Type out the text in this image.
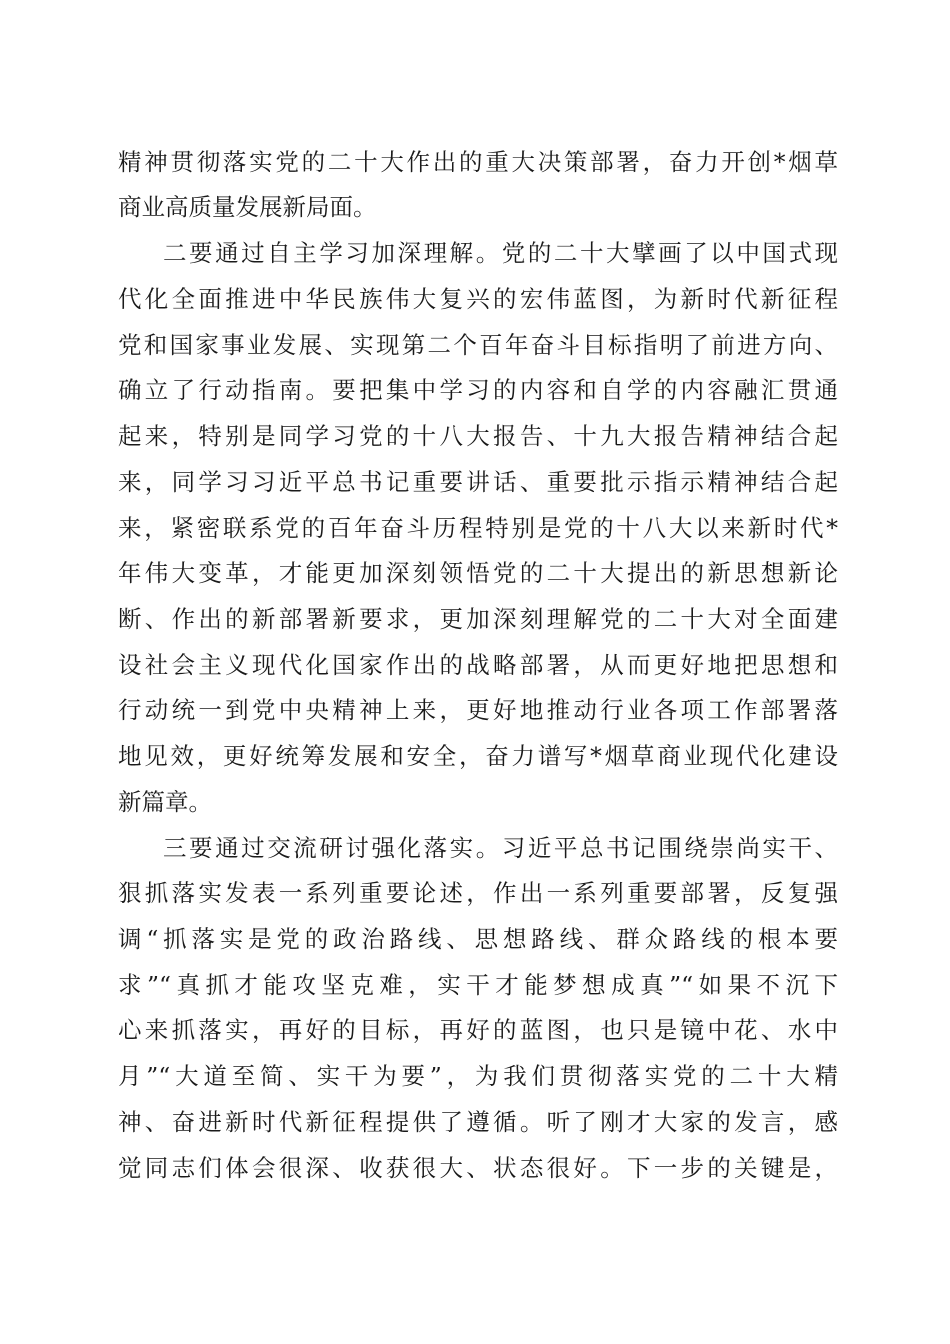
精神贯彻落实党的二十大作出的重大决策部署，奋力开创*烟草
商业高质量发展新局面。
二要通过自主学习加深理解。党的二十大擘画了以中国式现
代化全面推进中华民族伟大复兴的宏伟蓝图，为新时代新征程
党和国家事业发展、实现第二个百年奋斗目标指明了前进方向、
确立了行动指南。要把集中学习的内容和自学的内容融汇贯通
起来，特别是同学习党的十八大报告、十九大报告精神结合起
来，同学习习近平总书记重要讲话、重要批示指示精神结合起
来，紧密联系党的百年奋斗历程特别是党的十八大以来新时代*
年伟大变革，才能更加深刻领悟党的二十大提出的新思想新论
断、作出的新部署新要求，更加深刻理解党的二十大对全面建
设社会主义现代化国家作出的战略部署，从而更好地把思想和
行动统一到党中央精神上来，更好地推动行业各项工作部署落
地见效，更好统筹发展和安全，奋力谱写*烟草商业现代化建设
新篇章。
三要通过交流研讨强化落实。习近平总书记围绕崇尚实干、
狠抓落实发表一系列重要论述，作出一系列重要部署，反复强
调“抓落实是党的政治路线、思想路线、群众路线的根本要
求”“真抓才能攻坚克难，实干才能梦想成真”“如果不沉下
心来抓落实，再好的目标，再好的蓝图，也只是镜中花、水中
月”“大道至简、实干为要”，为我们贯彻落实党的二十大精
神、奋进新时代新征程提供了遵循。听了刚才大家的发言，感
觉同志们体会很深、收获很大、状态很好。下一步的关键是，
